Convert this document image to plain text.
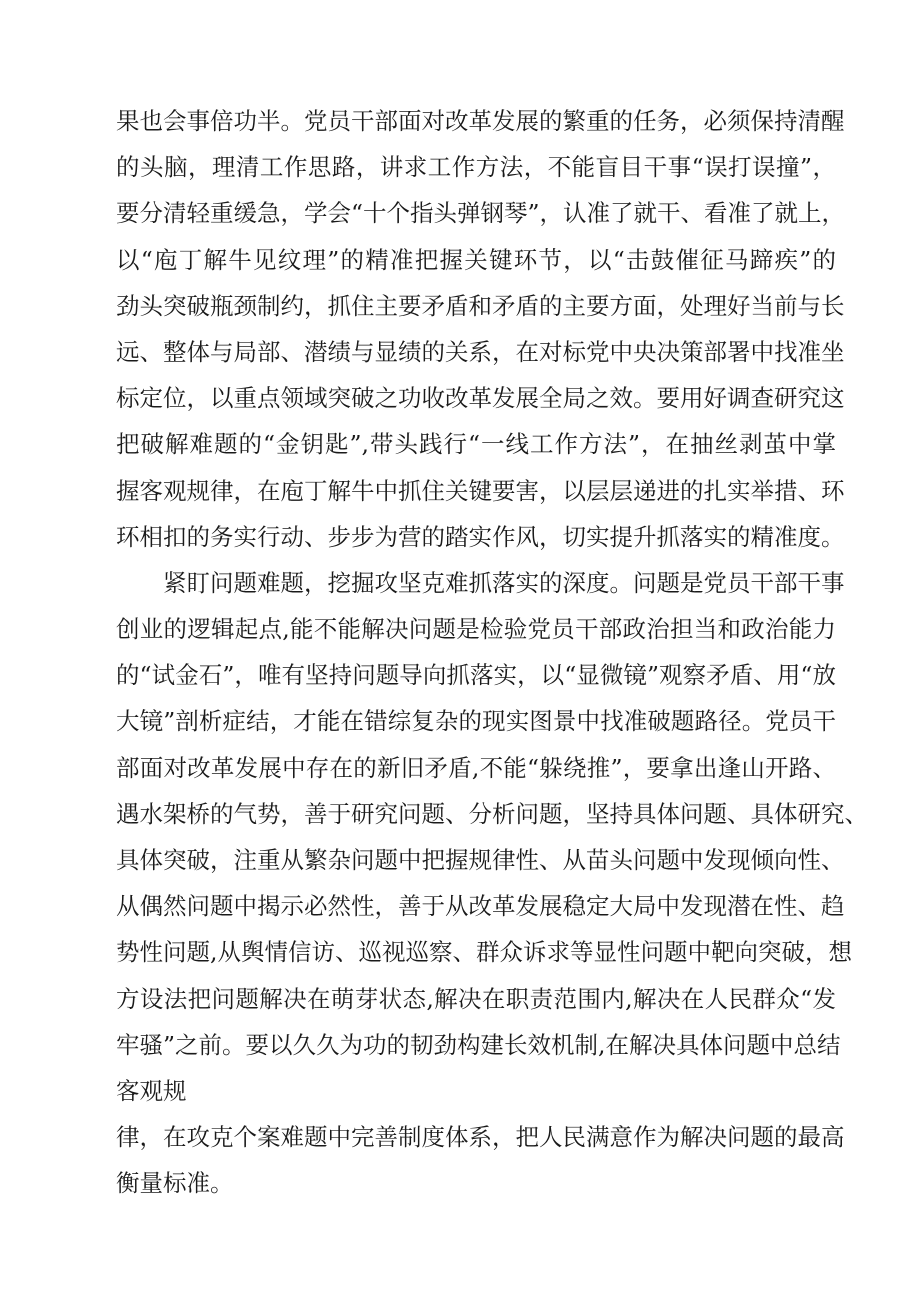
果也会事倍功半。党员干部面对改革发展的繁重的任务，必须保持清醒
的头脑，理清工作思路，讲求工作方法，不能盲目干事“误打误撞”，
要分清轻重缓急，学会“十个指头弹钢琴”，认准了就干、看准了就上，
以“庖丁解牛见纹理”的精准把握关键环节，以“击鼓催征马蹄疾”的
劲头突破瓶颈制约，抓住主要矛盾和矛盾的主要方面，处理好当前与长
远、整体与局部、潜绩与显绩的关系，在对标党中央决策部署中找准坐
标定位，以重点领域突破之功收改革发展全局之效。要用好调查研究这
把破解难题的“金钥匙”,带头践行“一线工作方法”，在抽丝剥茧中掌
握客观规律，在庖丁解牛中抓住关键要害，以层层递进的扎实举措、环
环相扣的务实行动、步步为营的踏实作风，切实提升抓落实的精准度。
紧盯问题难题，挖掘攻坚克难抓落实的深度。问题是党员干部干事
创业的逻辑起点,能不能解决问题是检验党员干部政治担当和政治能力
的“试金石”，唯有坚持问题导向抓落实，以“显微镜”观察矛盾、用“放
大镜”剖析症结，才能在错综复杂的现实图景中找准破题路径。党员干
部面对改革发展中存在的新旧矛盾,不能“躲绕推”，要拿出逢山开路、
遇水架桥的气势，善于研究问题、分析问题，坚持具体问题、具体研究、
具体突破，注重从繁杂问题中把握规律性、从苗头问题中发现倾向性、
从偶然问题中揭示必然性，善于从改革发展稳定大局中发现潜在性、趋
势性问题,从舆情信访、巡视巡察、群众诉求等显性问题中靶向突破，想
方设法把问题解决在萌芽状态,解决在职责范围内,解决在人民群众“发
牢骚”之前。要以久久为功的韧劲构建长效机制,在解决具体问题中总结
客观规
律，在攻克个案难题中完善制度体系，把人民满意作为解决问题的最高
衡量标准。
